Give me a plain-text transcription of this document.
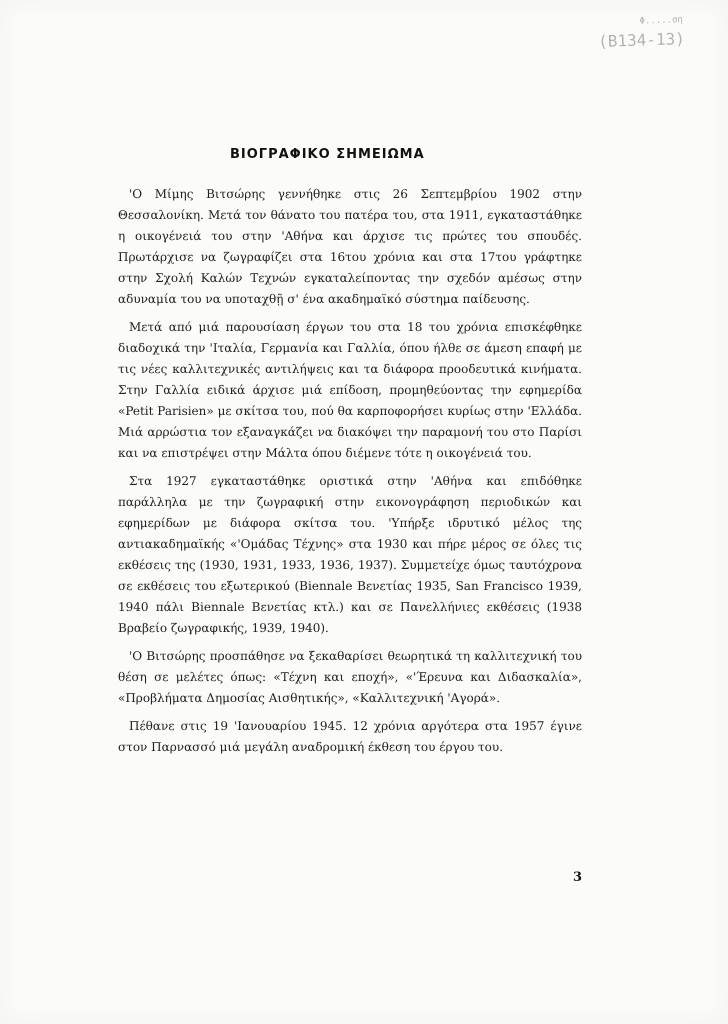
Φ.....ση
(Β134-13)
ΒΙΟΓΡΑΦΙΚΟ ΣΗΜΕΙΩΜΑ

'Ο Μίμης Βιτσώρης γεννήθηκε στις 26 Σεπτεμβρίου 1902 στην Θεσσαλονίκη. Μετά τον θάνατο του πατέρα του, στα 1911, εγκαταστάθηκε η οικογένειά του στην 'Αθήνα και άρχισε τις πρώτες του σπουδές. Πρωτάρχισε να ζωγραφίζει στα 16του χρόνια και στα 17του γράφτηκε στην Σχολή Καλών Τεχνών εγκαταλείποντας την σχεδόν αμέσως στην αδυναμία του να υποταχθῇ σ' ένα ακαδημαϊκό σύστημα παίδευσης.

Μετά από μιά παρουσίαση έργων του στα 18 του χρόνια επισκέφθηκε διαδοχικά την 'Ιταλία, Γερμανία και Γαλλία, όπου ήλθε σε άμεση επαφή με τις νέες καλλιτεχνικές αντιλήψεις και τα διάφορα προοδευτικά κινήματα. Στην Γαλλία ειδικά άρχισε μιά επίδοση, προμηθεύοντας την εφημερίδα «Petit Parisien» με σκίτσα του, πού θα καρποφορήσει κυρίως στην 'Ελλάδα. Μιά αρρώστια τον εξαναγκάζει να διακόψει την παραμονή του στο Παρίσι και να επιστρέψει στην Μάλτα όπου διέμενε τότε η οικογένειά του.

Στα 1927 εγκαταστάθηκε οριστικά στην 'Αθήνα και επιδόθηκε παράλληλα με την ζωγραφική στην εικονογράφηση περιοδικών και εφημερίδων με διάφορα σκίτσα του. 'Υπήρξε ιδρυτικό μέλος της αντιακαδημαϊκής «'Ομάδας Τέχνης» στα 1930 και πήρε μέρος σε όλες τις εκθέσεις της (1930, 1931, 1933, 1936, 1937). Συμμετείχε όμως ταυτόχρονα σε εκθέσεις του εξωτερικού (Biennale Βενετίας 1935, San Francisco 1939, 1940 πάλι Biennale Βενετίας κτλ.) και σε Πανελλήνιες εκθέσεις (1938 Βραβείο ζωγραφικής, 1939, 1940).

'Ο Βιτσώρης προσπάθησε να ξεκαθαρίσει θεωρητικά τη καλλιτεχνική του θέση σε μελέτες όπως: «Τέχνη και εποχή», «'Έρευνα και Διδασκαλία», «Προβλήματα Δημοσίας Αισθητικής», «Καλλιτεχνική 'Αγορά».

Πέθανε στις 19 'Ιανουαρίου 1945. 12 χρόνια αργότερα στα 1957 έγινε στον Παρνασσό μιά μεγάλη αναδρομική έκθεση του έργου του.

3
